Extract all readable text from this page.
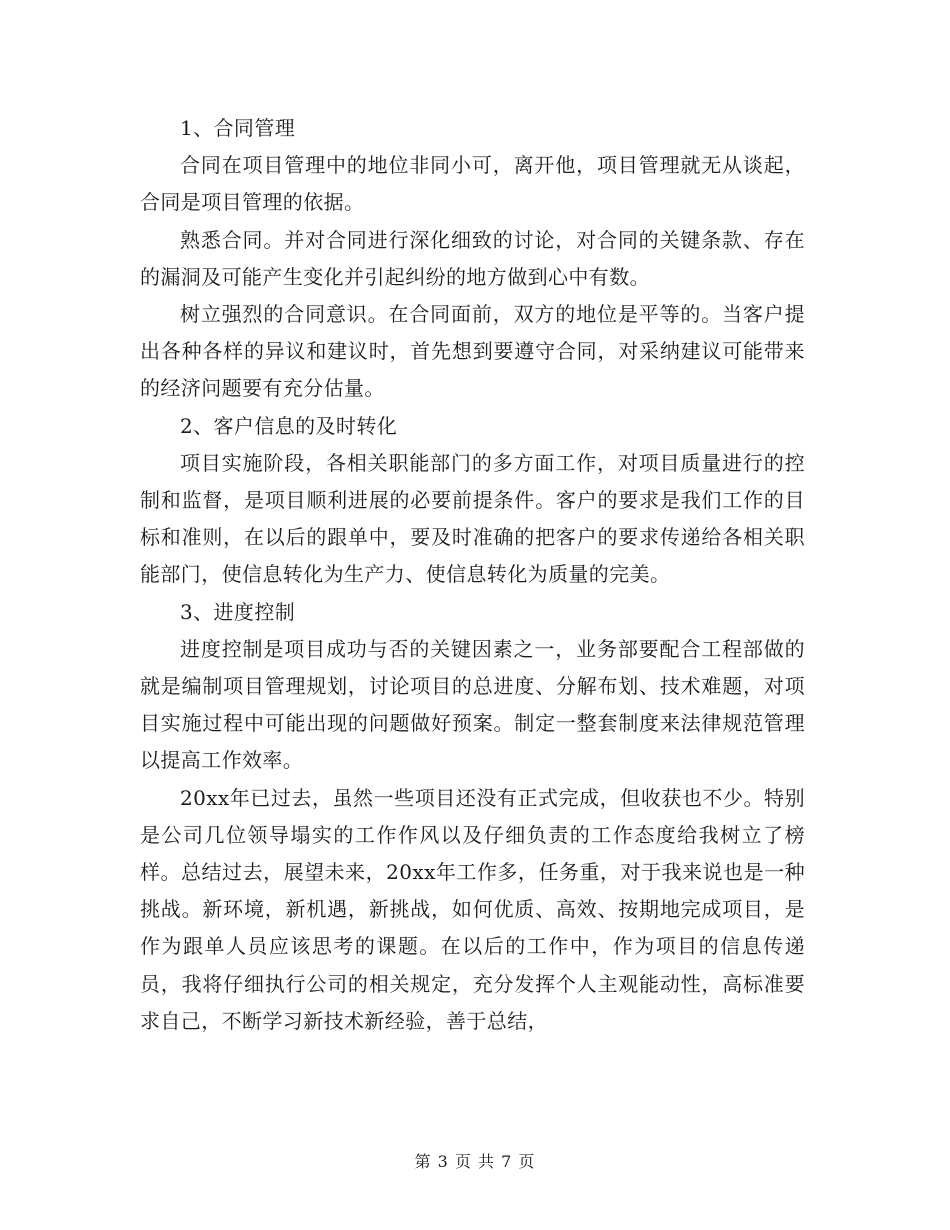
1、合同管理

合同在项目管理中的地位非同小可，离开他，项目管理就无从谈起，合同是项目管理的依据。

熟悉合同。并对合同进行深化细致的讨论，对合同的关键条款、存在的漏洞及可能产生变化并引起纠纷的地方做到心中有数。

树立强烈的合同意识。在合同面前，双方的地位是平等的。当客户提出各种各样的异议和建议时，首先想到要遵守合同，对采纳建议可能带来的经济问题要有充分估量。

2、客户信息的及时转化

项目实施阶段，各相关职能部门的多方面工作，对项目质量进行的控制和监督，是项目顺利进展的必要前提条件。客户的要求是我们工作的目标和准则，在以后的跟单中，要及时准确的把客户的要求传递给各相关职能部门，使信息转化为生产力、使信息转化为质量的完美。

3、进度控制

进度控制是项目成功与否的关键因素之一，业务部要配合工程部做的就是编制项目管理规划，讨论项目的总进度、分解布划、技术难题，对项目实施过程中可能出现的问题做好预案。制定一整套制度来法律规范管理以提高工作效率。

20xx年已过去，虽然一些项目还没有正式完成，但收获也不少。特别是公司几位领导塌实的工作作风以及仔细负责的工作态度给我树立了榜样。总结过去，展望未来，20xx年工作多，任务重，对于我来说也是一种挑战。新环境，新机遇，新挑战，如何优质、高效、按期地完成项目，是作为跟单人员应该思考的课题。在以后的工作中，作为项目的信息传递员，我将仔细执行公司的相关规定，充分发挥个人主观能动性，高标准要求自己，不断学习新技术新经验，善于总结，

第 3 页 共 7 页
